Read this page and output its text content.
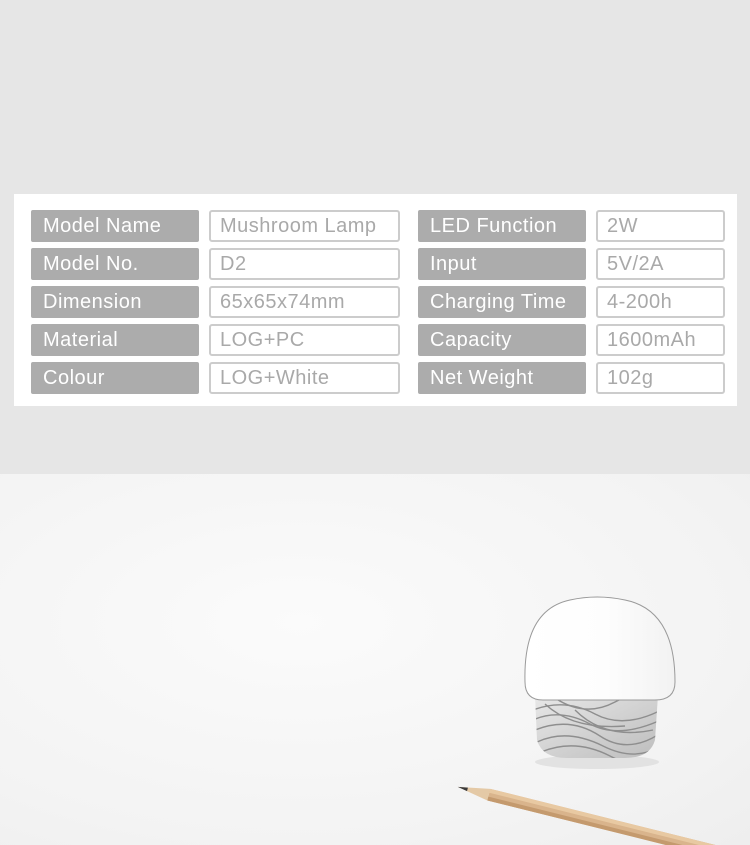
Model Name	Mushroom Lamp	LED Function	2W
Model No.	D2	Input	5V/2A
Dimension	65x65x74mm	Charging Time	4-200h
Material	LOG+PC	Capacity	1600mAh
Colour	LOG+White	Net Weight	102g
